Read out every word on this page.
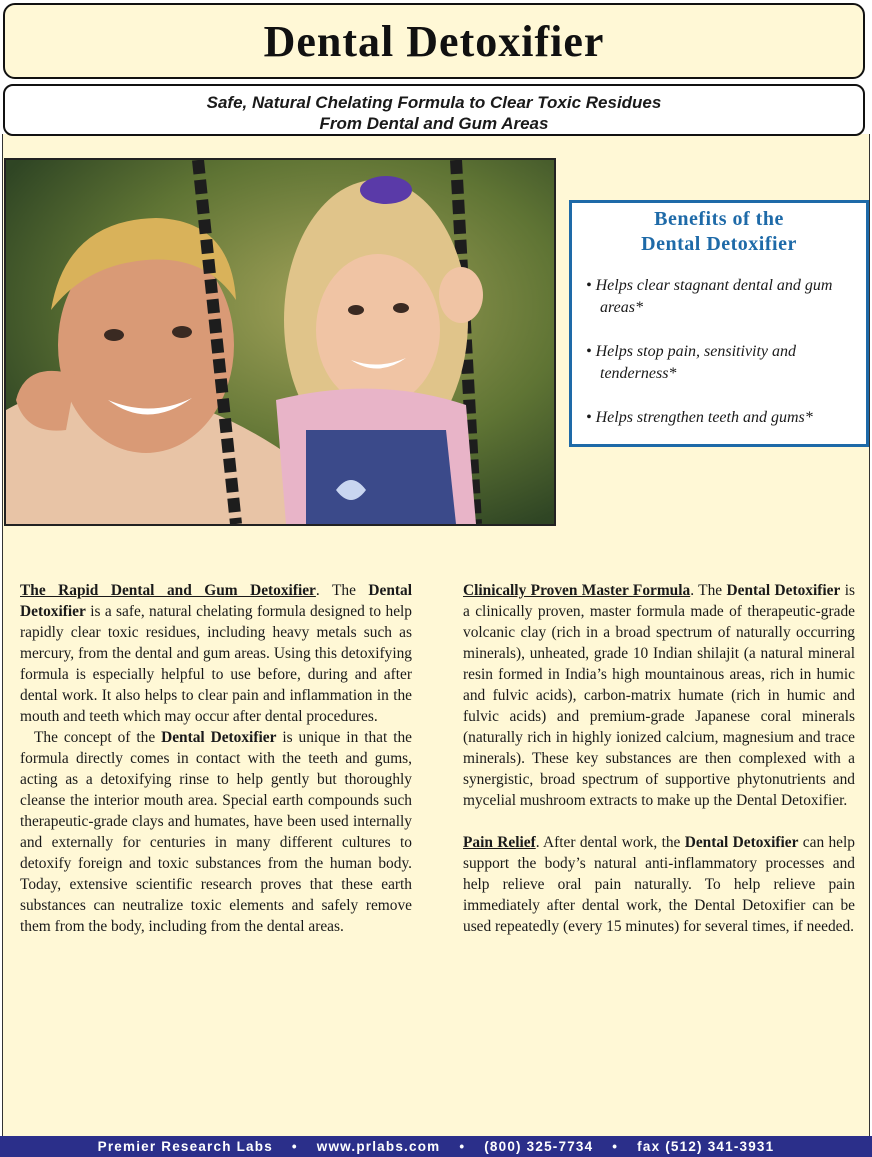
Dental Detoxifier
Safe, Natural Chelating Formula to Clear Toxic Residues
From Dental and Gum Areas
Benefits of the
Dental Detoxifier
• Helps clear stagnant dental and gum areas*
• Helps stop pain, sensitivity and tenderness*
• Helps strengthen teeth and gums*

The Rapid Dental and Gum Detoxifier. The Dental Detoxifier is a safe, natural chelating formula designed to help rapidly clear toxic residues, including heavy metals such as mercury, from the dental and gum areas. Using this detoxifying formula is especially helpful to use before, during and after dental work. It also helps to clear pain and inflammation in the mouth and teeth which may occur after dental procedures.

The concept of the Dental Detoxifier is unique in that the formula directly comes in contact with the teeth and gums, acting as a detoxifying rinse to help gently but thoroughly cleanse the interior mouth area. Special earth compounds such therapeutic-grade clays and humates, have been used internally and externally for centuries in many different cultures to detoxify foreign and toxic substances from the human body. Today, extensive scientific research proves that these earth substances can neutralize toxic elements and safely remove them from the body, including from the dental areas.

Clinically Proven Master Formula. The Dental Detoxifier is a clinically proven, master formula made of therapeutic-grade volcanic clay (rich in a broad spectrum of naturally occurring minerals), unheated, grade 10 Indian shilajit (a natural mineral resin formed in India’s high mountainous areas, rich in humic and fulvic acids), carbon-matrix humate (rich in humic and fulvic acids) and premium-grade Japanese coral minerals (naturally rich in highly ionized calcium, magnesium and trace minerals). These key substances are then complexed with a synergistic, broad spectrum of supportive phytonutrients and mycelial mushroom extracts to make up the Dental Detoxifier.

Pain Relief. After dental work, the Dental Detoxifier can help support the body’s natural anti-inflammatory processes and help relieve oral pain naturally. To help relieve pain immediately after dental work, the Dental Detoxifier can be used repeatedly (every 15 minutes) for several times, if needed.

Premier Research Labs • www.prlabs.com • (800) 325-7734 • fax (512) 341-3931
